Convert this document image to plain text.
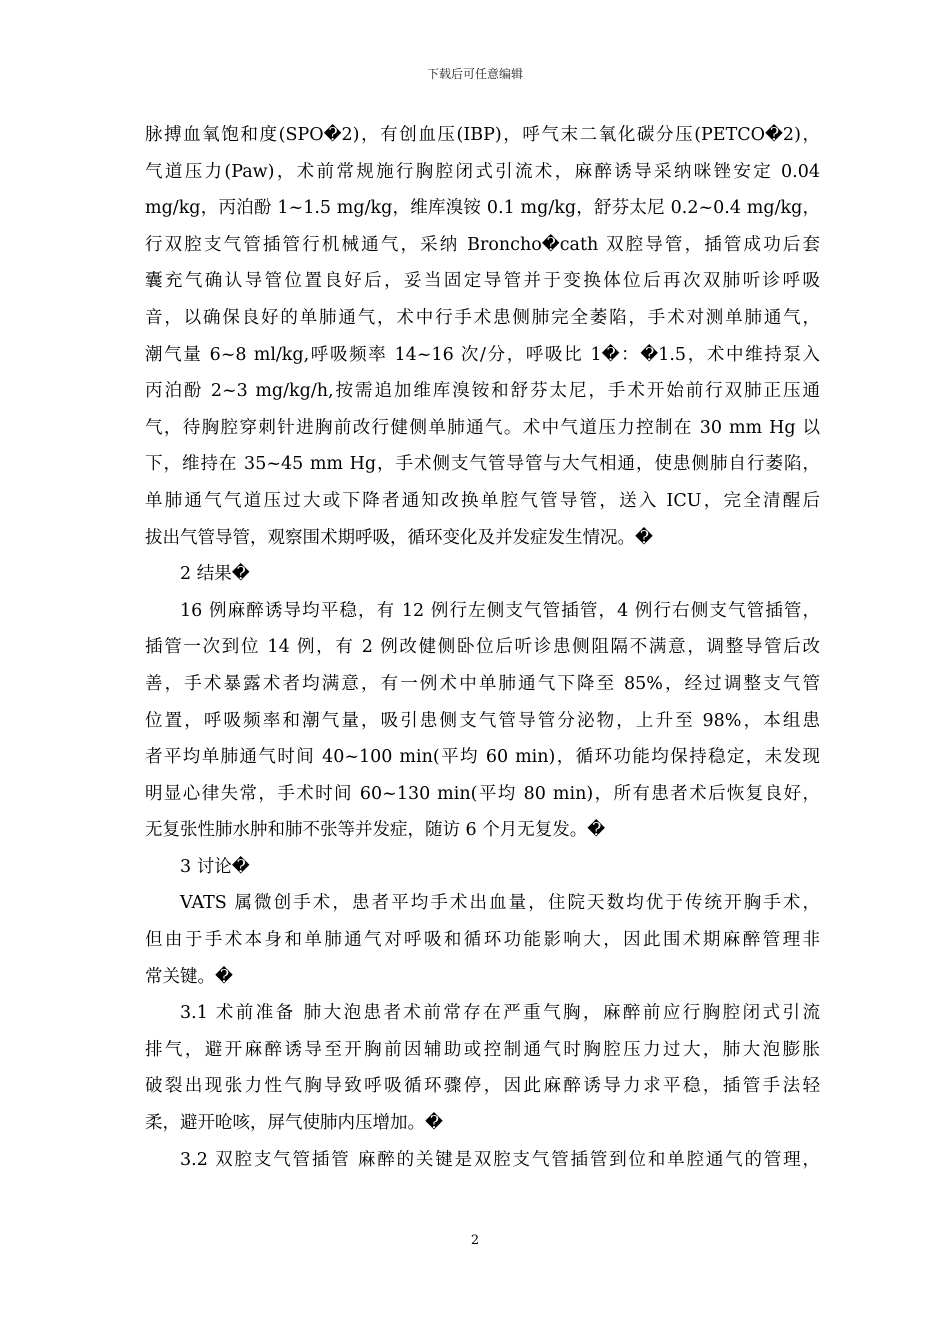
下载后可任意编辑
脉搏血氧饱和度(SPO�2)，有创血压(IBP)，呼气末二氧化碳分压(PETCO�2)，
气道压力(Paw)，术前常规施行胸腔闭式引流术，麻醉诱导采纳咪锉安定 0.04
mg/kg，丙泊酚 1~1.5 mg/kg，维库溴铵 0.1 mg/kg，舒芬太尼 0.2~0.4 mg/kg，
行双腔支气管插管行机械通气，采纳 Broncho�cath 双腔导管，插管成功后套
囊充气确认导管位置良好后，妥当固定导管并于变换体位后再次双肺听诊呼吸
音，以确保良好的单肺通气，术中行手术患侧肺完全萎陷，手术对测单肺通气，
潮气量 6~8 ml/kg,呼吸频率 14~16 次/分，呼吸比 1�：�1.5，术中维持泵入
丙泊酚 2~3 mg/kg/h,按需追加维库溴铵和舒芬太尼，手术开始前行双肺正压通
气，待胸腔穿刺针进胸前改行健侧单肺通气。术中气道压力控制在 30 mm Hg 以
下，维持在 35~45 mm Hg，手术侧支气管导管与大气相通，使患侧肺自行萎陷，
单肺通气气道压过大或下降者通知改换单腔气管导管，送入 ICU，完全清醒后
拔出气管导管，观察围术期呼吸，循环变化及并发症发生情况。�
2 结果�
16 例麻醉诱导均平稳，有 12 例行左侧支气管插管，4 例行右侧支气管插管，
插管一次到位 14 例，有 2 例改健侧卧位后听诊患侧阻隔不满意，调整导管后改
善，手术暴露术者均满意，有一例术中单肺通气下降至 85%，经过调整支气管
位置，呼吸频率和潮气量，吸引患侧支气管导管分泌物，上升至 98%，本组患
者平均单肺通气时间 40~100 min(平均 60 min)，循环功能均保持稳定，未发现
明显心律失常，手术时间 60~130 min(平均 80 min)，所有患者术后恢复良好，
无复张性肺水肿和肺不张等并发症，随访 6 个月无复发。�
3 讨论�
VATS 属微创手术，患者平均手术出血量，住院天数均优于传统开胸手术，
但由于手术本身和单肺通气对呼吸和循环功能影响大，因此围术期麻醉管理非
常关键。�
3.1 术前准备 肺大泡患者术前常存在严重气胸，麻醉前应行胸腔闭式引流
排气，避开麻醉诱导至开胸前因辅助或控制通气时胸腔压力过大，肺大泡膨胀
破裂出现张力性气胸导致呼吸循环骤停，因此麻醉诱导力求平稳，插管手法轻
柔，避开呛咳，屏气使肺内压增加。�
3.2 双腔支气管插管 麻醉的关键是双腔支气管插管到位和单腔通气的管理，
2
